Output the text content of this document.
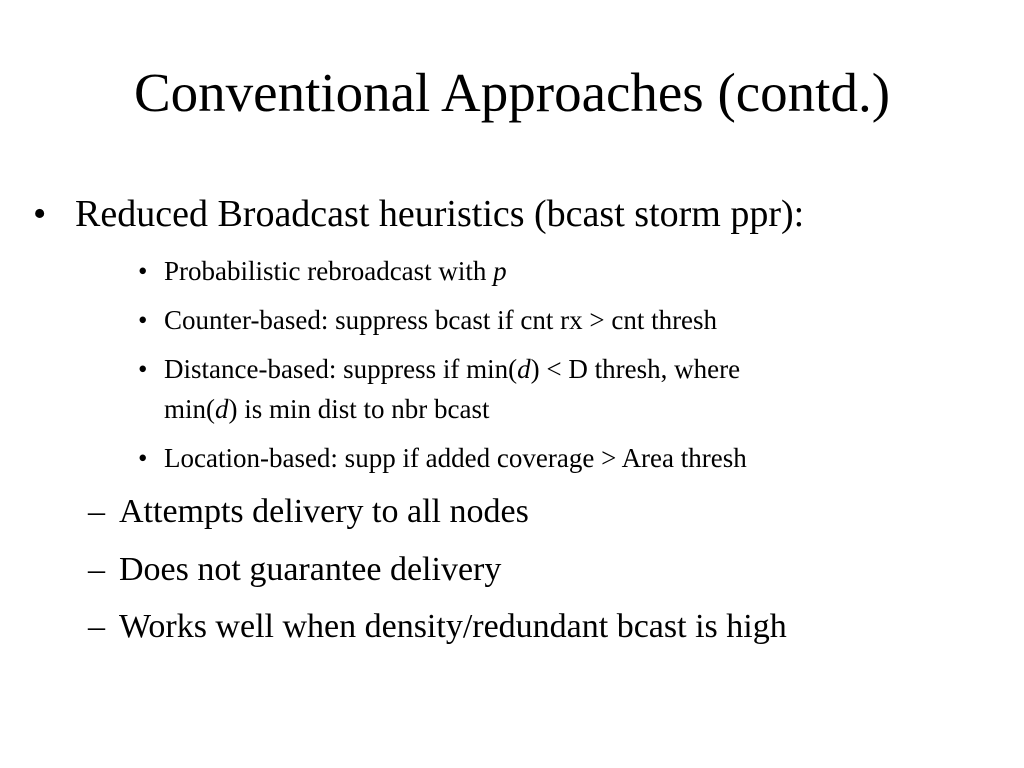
Conventional Approaches (contd.)
• Reduced Broadcast heuristics (bcast storm ppr):
• Probabilistic rebroadcast with p
• Counter-based: suppress bcast if cnt rx > cnt thresh
• Distance-based: suppress if min(d) < D thresh, where
min(d) is min dist to nbr bcast
• Location-based: supp if added coverage > Area thresh
– Attempts delivery to all nodes
– Does not guarantee delivery
– Works well when density/redundant bcast is high
